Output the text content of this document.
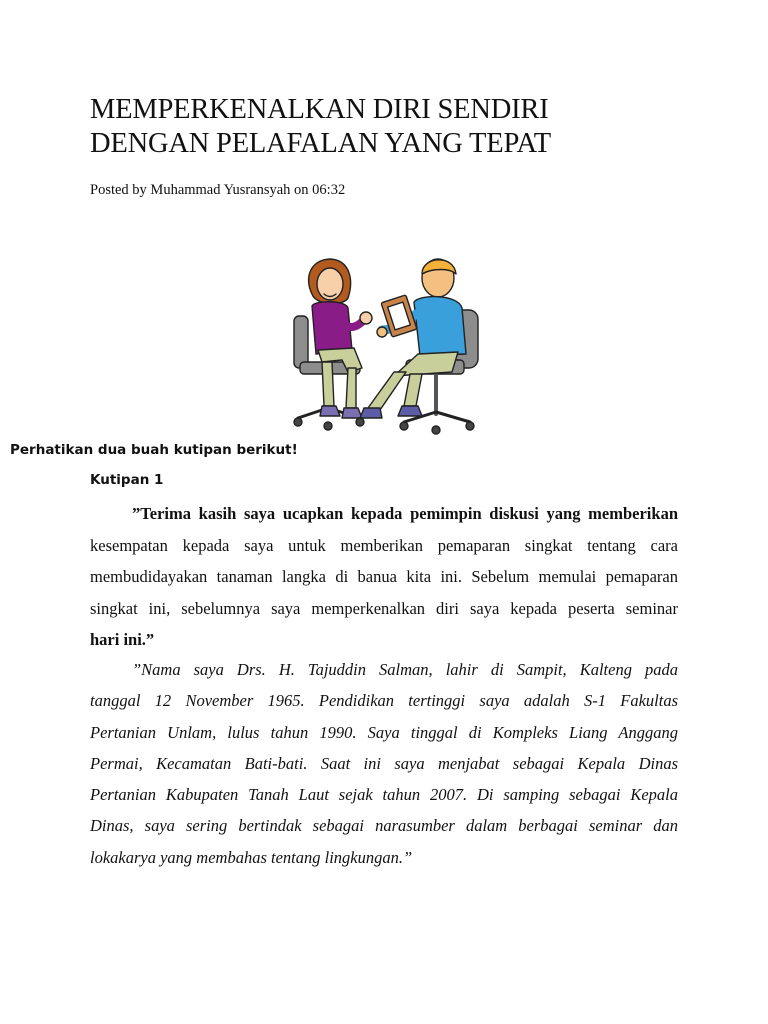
MEMPERKENALKAN DIRI SENDIRI
DENGAN PELAFALAN YANG TEPAT
Posted by Muhammad Yusransyah on 06:32
Perhatikan dua buah kutipan berikut!
Kutipan 1
”Terima kasih saya ucapkan kepada pemimpin diskusi yang memberikan
kesempatan kepada saya untuk memberikan pemaparan singkat tentang cara
membudidayakan tanaman langka di banua kita ini. Sebelum memulai pemaparan
singkat ini, sebelumnya saya memperkenalkan diri saya kepada peserta seminar
hari ini.”
”Nama saya Drs. H. Tajuddin Salman, lahir di Sampit, Kalteng pada
tanggal 12 November 1965. Pendidikan tertinggi saya adalah S-1 Fakultas
Pertanian Unlam, lulus tahun 1990. Saya tinggal di Kompleks Liang Anggang
Permai, Kecamatan Bati-bati. Saat ini saya menjabat sebagai Kepala Dinas
Pertanian Kabupaten Tanah Laut sejak tahun 2007. Di samping sebagai Kepala
Dinas, saya sering bertindak sebagai narasumber dalam berbagai seminar dan
lokakarya yang membahas tentang lingkungan.”
